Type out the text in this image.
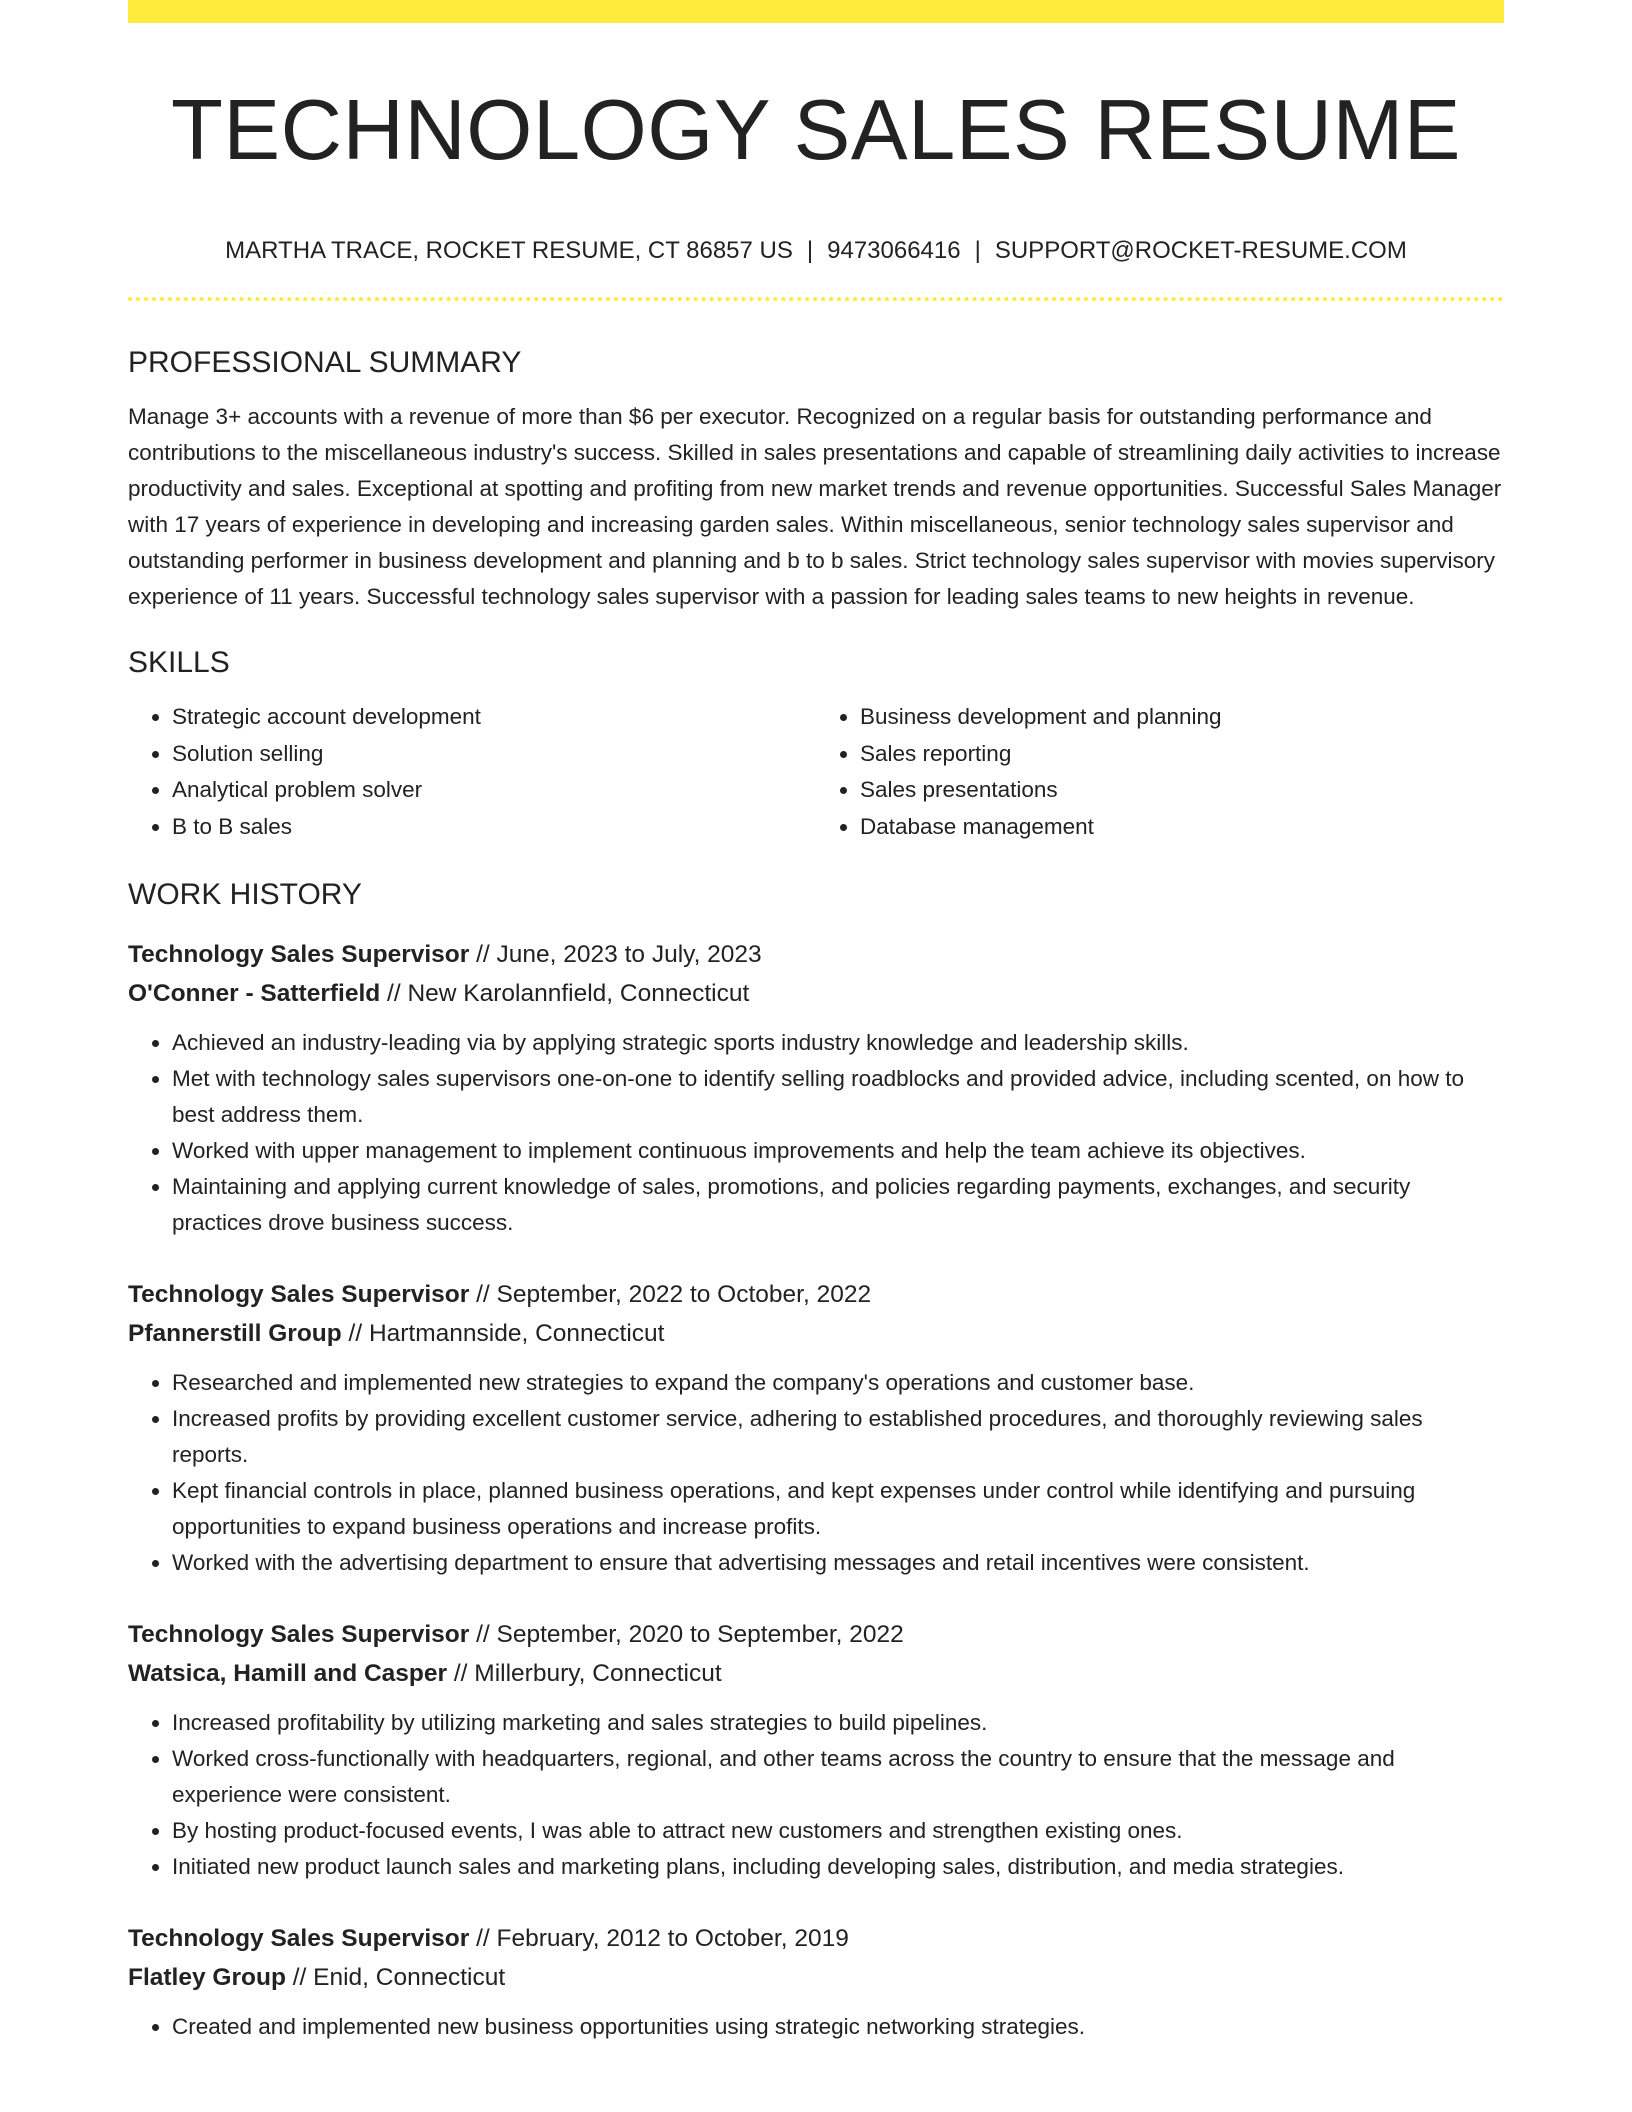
TECHNOLOGY SALES RESUME
MARTHA TRACE, ROCKET RESUME, CT 86857 US | 9473066416 | SUPPORT@ROCKET-RESUME.COM
PROFESSIONAL SUMMARY

Manage 3+ accounts with a revenue of more than $6 per executor. Recognized on a regular basis for outstanding performance and contributions to the miscellaneous industry's success. Skilled in sales presentations and capable of streamlining daily activities to increase productivity and sales. Exceptional at spotting and profiting from new market trends and revenue opportunities. Successful Sales Manager with 17 years of experience in developing and increasing garden sales. Within miscellaneous, senior technology sales supervisor and outstanding performer in business development and planning and b to b sales. Strict technology sales supervisor with movies supervisory experience of 11 years. Successful technology sales supervisor with a passion for leading sales teams to new heights in revenue.

SKILLS
• Strategic account development
• Solution selling
• Analytical problem solver
• B to B sales
• Business development and planning
• Sales reporting
• Sales presentations
• Database management
WORK HISTORY
Technology Sales Supervisor // June, 2023 to July, 2023
O'Conner - Satterfield // New Karolannfield, Connecticut
• Achieved an industry-leading via by applying strategic sports industry knowledge and leadership skills.
• Met with technology sales supervisors one-on-one to identify selling roadblocks and provided advice, including scented, on how to best address them.
• Worked with upper management to implement continuous improvements and help the team achieve its objectives.
• Maintaining and applying current knowledge of sales, promotions, and policies regarding payments, exchanges, and security practices drove business success.
Technology Sales Supervisor // September, 2022 to October, 2022
Pfannerstill Group // Hartmannside, Connecticut
• Researched and implemented new strategies to expand the company's operations and customer base.
• Increased profits by providing excellent customer service, adhering to established procedures, and thoroughly reviewing sales reports.
• Kept financial controls in place, planned business operations, and kept expenses under control while identifying and pursuing opportunities to expand business operations and increase profits.
• Worked with the advertising department to ensure that advertising messages and retail incentives were consistent.
Technology Sales Supervisor // September, 2020 to September, 2022
Watsica, Hamill and Casper // Millerbury, Connecticut
• Increased profitability by utilizing marketing and sales strategies to build pipelines.
• Worked cross-functionally with headquarters, regional, and other teams across the country to ensure that the message and experience were consistent.
• By hosting product-focused events, I was able to attract new customers and strengthen existing ones.
• Initiated new product launch sales and marketing plans, including developing sales, distribution, and media strategies.
Technology Sales Supervisor // February, 2012 to October, 2019
Flatley Group // Enid, Connecticut
• Created and implemented new business opportunities using strategic networking strategies.
